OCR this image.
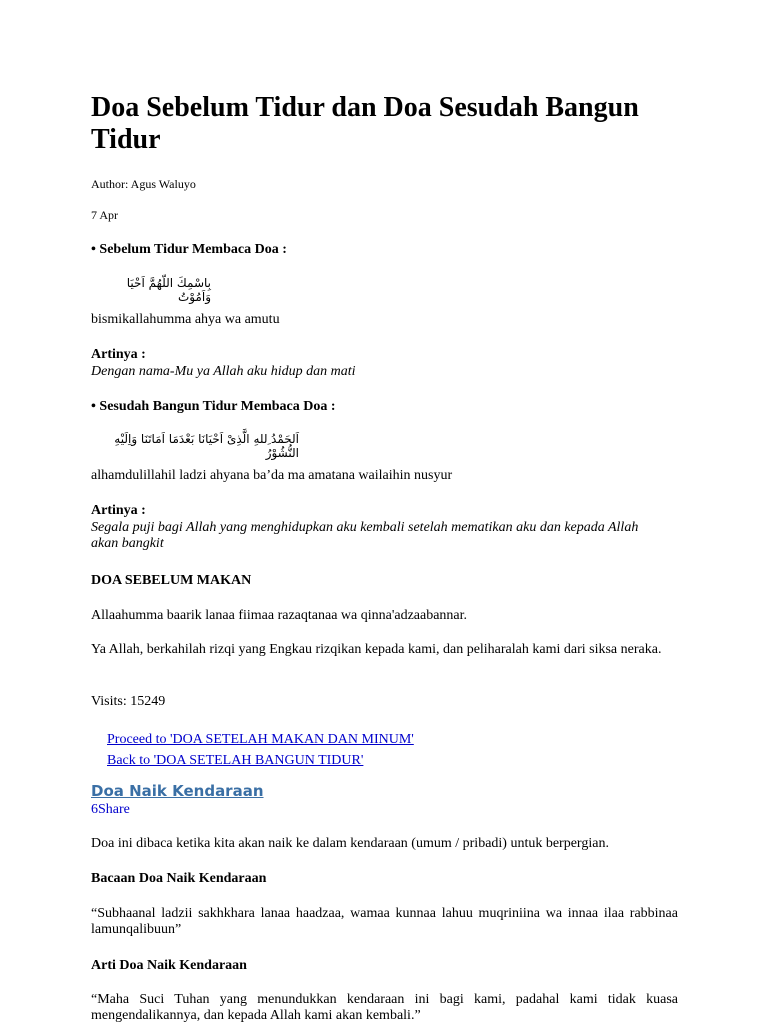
Doa Sebelum Tidur dan Doa Sesudah Bangun Tidur

Author: Agus Waluyo

7 Apr

• Sebelum Tidur Membaca Doa :

بِاسْمِكَ اللّهُمَّ اَحْيَا وَاَمُوْتُ

bismikallahumma ahya wa amutu

Artinya :

Dengan nama-Mu ya Allah aku hidup dan mati

• Sesudah Bangun Tidur Membaca Doa :

اَلحَمْدُ ِللهِ الَّذِىْ اَحْيَانَا بَعْدَمَا اَمَاتَنَا وَاِلَيْهِ النُّشُوْرُ

alhamdulillahil ladzi ahyana ba’da ma amatana wailaihin nusyur

Artinya :

Segala puji bagi Allah yang menghidupkan aku kembali setelah mematikan aku dan kepada Allah akan bangkit

DOA SEBELUM MAKAN

Allaahumma baarik lanaa fiimaa razaqtanaa wa qinna'adzaabannar.

Ya Allah, berkahilah rizqi yang Engkau rizqikan kepada kami, dan peliharalah kami dari siksa neraka.

Visits: 15249

Proceed to 'DOA SETELAH MAKAN DAN MINUM'
Back to 'DOA SETELAH BANGUN TIDUR'
Doa Naik Kendaraan
6Share

Doa ini dibaca ketika kita akan naik ke dalam kendaraan (umum / pribadi) untuk berpergian.

Bacaan Doa Naik Kendaraan

“Subhaanal ladzii sakhkhara lanaa haadzaa, wamaa kunnaa lahuu muqriniina wa innaa ilaa rabbinaa lamunqalibuun”

Arti Doa Naik Kendaraan

“Maha Suci Tuhan yang menundukkan kendaraan ini bagi kami, padahal kami tidak kuasa mengendalikannya, dan kepada Allah kami akan kembali.”
